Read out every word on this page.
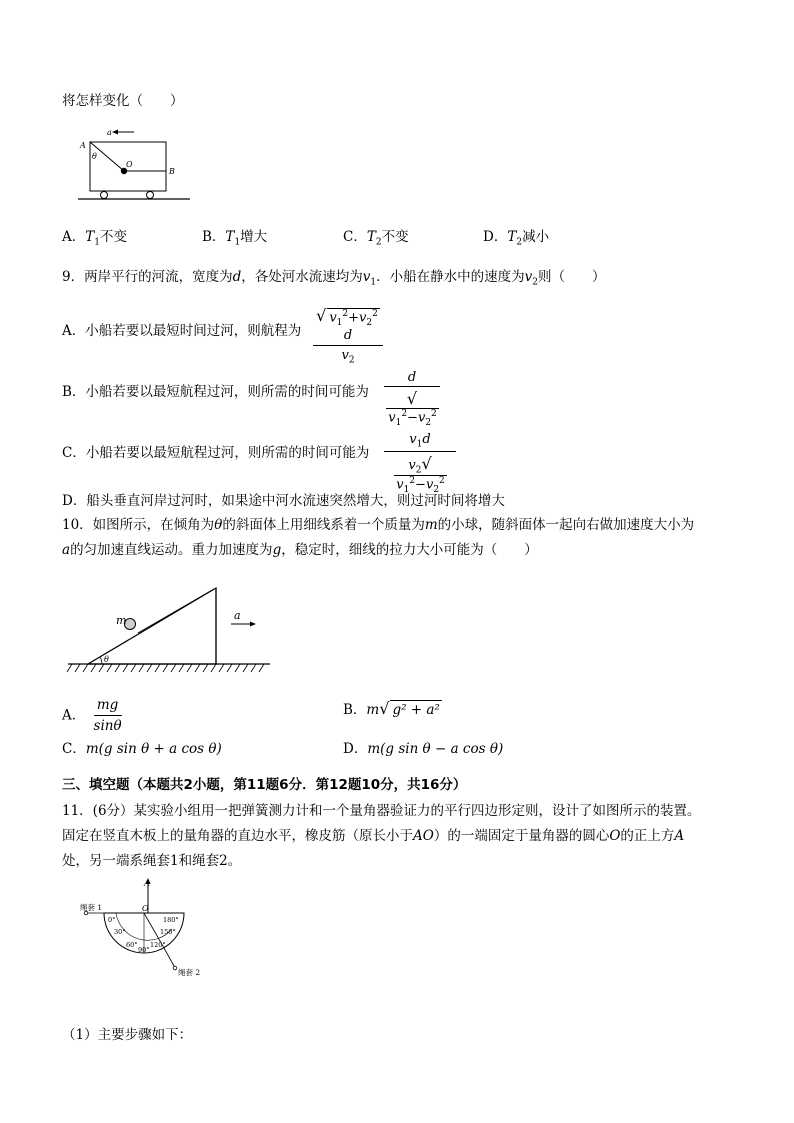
将怎样变化（　　）
a
A
θ
O
B
A．$T_1$不变	B．$T_1$增大	C．$T_2$不变	D．$T_2$减小
9．两岸平行的河流，宽度为d，各处河水流速均为$v_1$．小船在静水中的速度为$v_2$则（　　）
A．小船若要以最短时间过河，则航程为
√ $v_1^2+v_2^2d$
$v_2$
B．小船若要以最短航程过河，则所需的时间可能为
d
$√v_1^2-v_2^2$
C．小船若要以最短航程过河，则所需的时间可能为
$v_1d$
$v_2√v_1^2-v_2^2$
D．船头垂直河岸过河时，如果途中河水流速突然增大，则过河时间将增大
10．如图所示，在倾角为θ的斜面体上用细线系着一个质量为m的小球，随斜面体一起向右做加速度大小为
a的匀加速直线运动。重力加速度为g，稳定时，细线的拉力大小可能为（　　）
m
θ
a
A． $\frac{mg}{\sin\theta}$	B．m√ g² + a²
C．m(g sin θ + a cos θ)	D．m(g sin θ − a cos θ)
三、填空题（本题共2小题，第11题6分．第12题10分，共16分）
11．(6分）某实验小组用一把弹簧测力计和一个量角器验证力的平行四边形定则，设计了如图所示的装置。
固定在竖直木板上的量角器的直边水平，橡皮筋（原长小于AO）的一端固定于量角器的圆心O的正上方A
处，另一端系绳套1和绳套2。
A
绳套 1	O
绳套 2
0°
30°
60°
90°
120°
150°
180°
（1）主要步骤如下：
